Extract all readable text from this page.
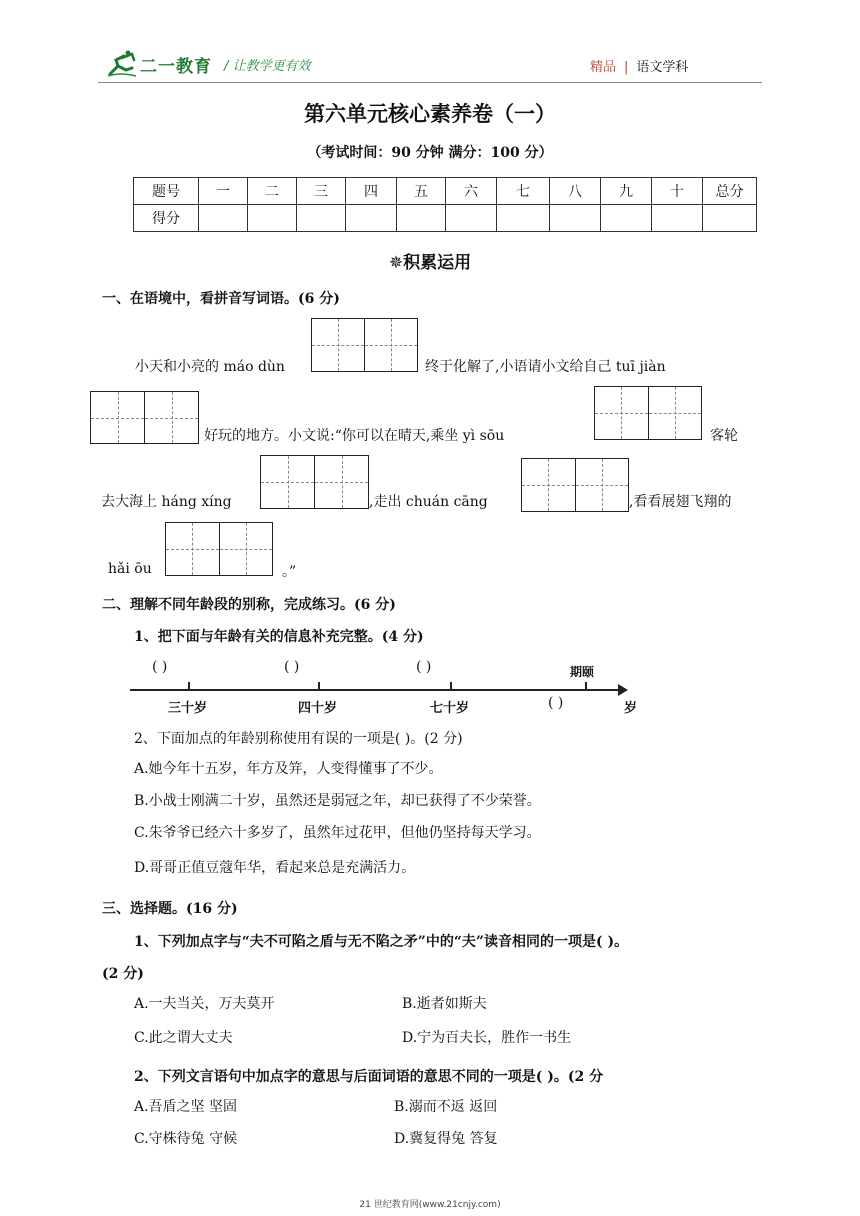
二一教育 / 让教学更有效	精品 | 语文学科
第六单元核心素养卷（一）
（考试时间：90 分钟 满分：100 分）
题号	一	二	三	四	五	六	七	八	九	十	总分
得分											
✵积累运用
一、在语境中，看拼音写词语。(6 分)
小天和小亮的 máo dùn	终于化解了,小语请小文给自己 tuī jiàn
好玩的地方。小文说:“你可以在晴天,乘坐 yì sōu	客轮
去大海上 háng xíng	,走出 chuán cāng	,看看展翅飞翔的
hǎi ōu	。”
二、理解不同年龄段的别称，完成练习。(6 分)
1、把下面与年龄有关的信息补充完整。(4 分)
( )	( )	( )	期颐
三十岁	四十岁	七十岁	( )	岁
2、下面加点的年龄别称使用有误的一项是( )。(2 分)
A.她今年十五岁，年方及笄，人变得懂事了不少。
B.小战士刚满二十岁，虽然还是弱冠之年，却已获得了不少荣誉。
C.朱爷爷已经六十多岁了，虽然年过花甲，但他仍坚持每天学习。
D.哥哥正值豆蔻年华，看起来总是充满活力。
三、选择题。(16 分)
1、下列加点字与“夫不可陷之盾与无不陷之矛”中的“夫”读音相同的一项是( )。
(2 分)
A.一夫当关，万夫莫开	B.逝者如斯夫
C.此之谓大丈夫	D.宁为百夫长，胜作一书生
2、下列文言语句中加点字的意思与后面词语的意思不同的一项是( )。(2 分
A.吾盾之坚 坚固	B.溺而不返 返回
C.守株待兔 守候	D.冀复得兔 答复
21 世纪教育网(www.21cnjy.com)
